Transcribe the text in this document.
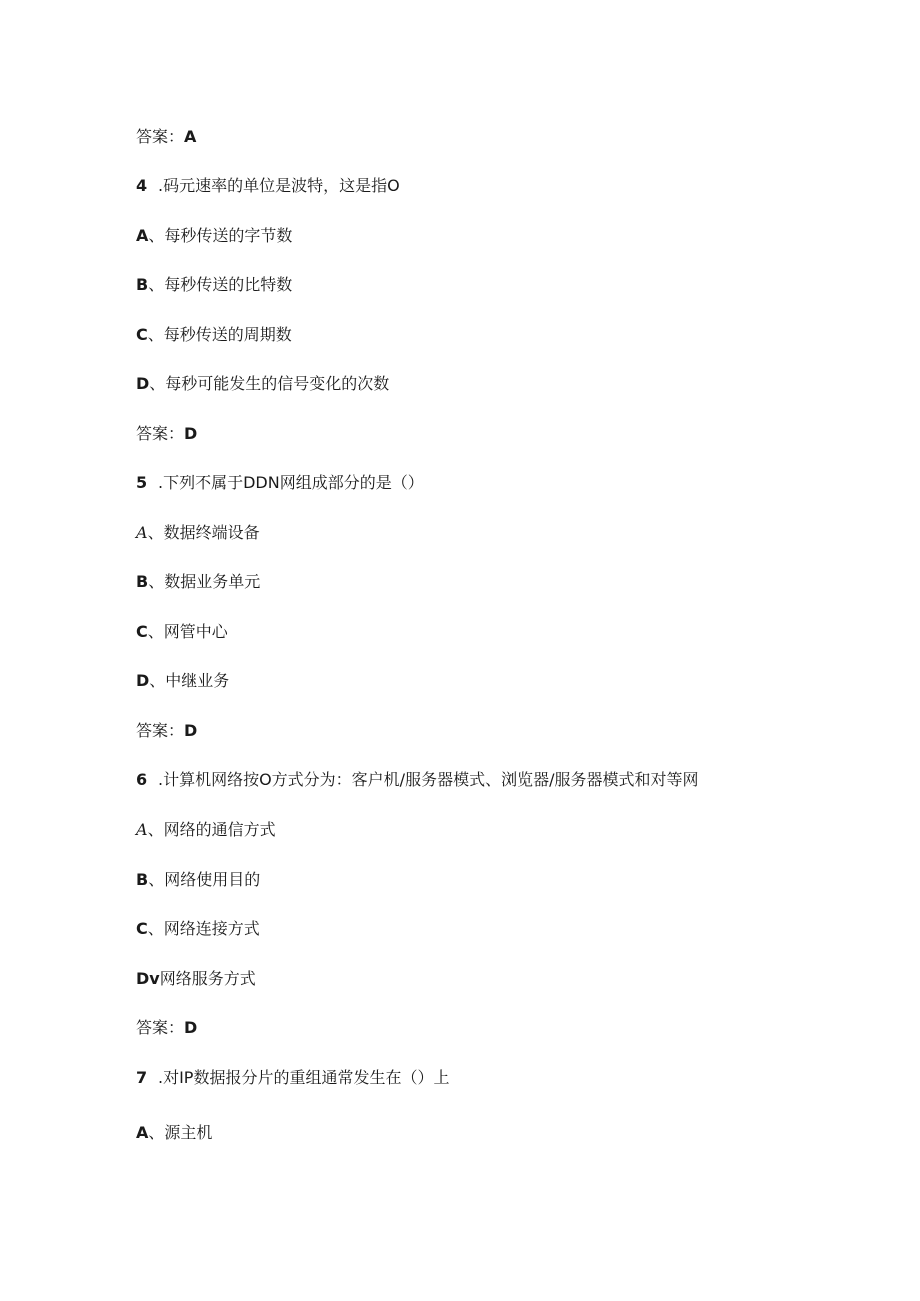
答案：A
4 .码元速率的单位是波特，这是指O
A、每秒传送的字节数
B、每秒传送的比特数
C、每秒传送的周期数
D、每秒可能发生的信号变化的次数
答案：D
5 .下列不属于DDN网组成部分的是（）
A、数据终端设备
B、数据业务单元
C、网管中心
D、中继业务
答案：D
6 .计算机网络按O方式分为：客户机/服务器模式、浏览器/服务器模式和对等网
A、网络的通信方式
B、网络使用目的
C、网络连接方式
Dv网络服务方式
答案：D
7 .对IP数据报分片的重组通常发生在（）上
A、源主机
